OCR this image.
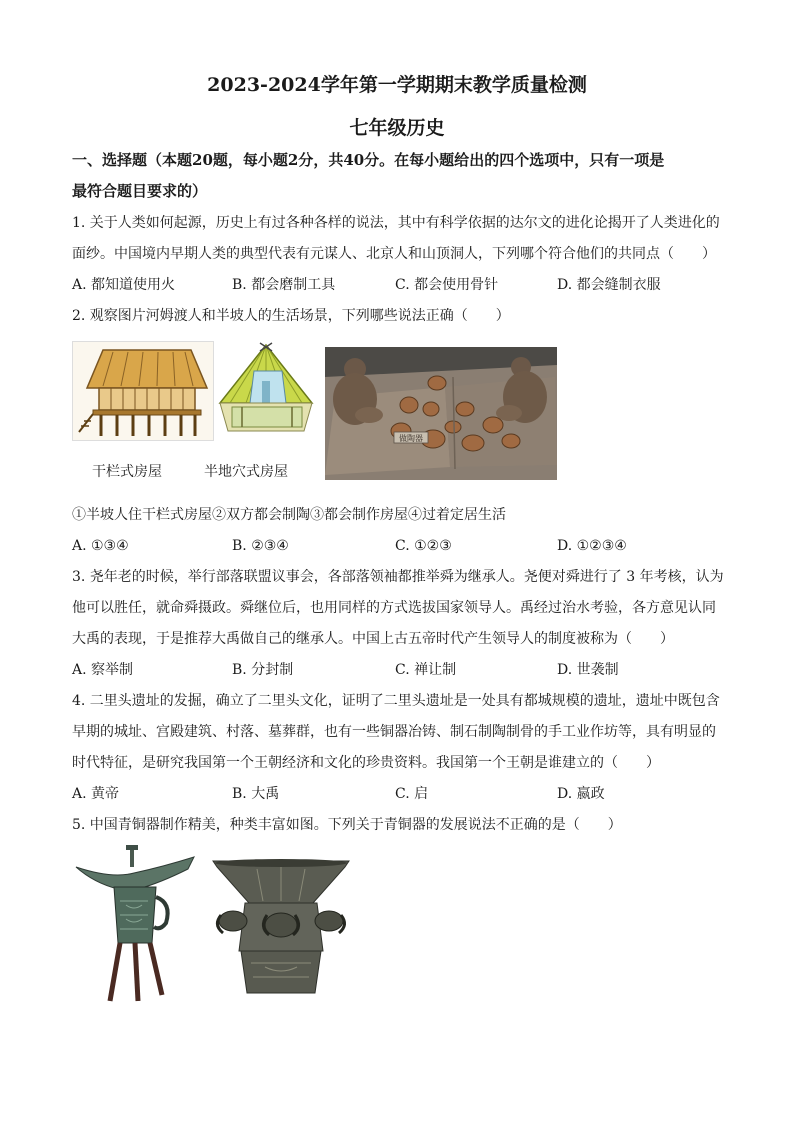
2023-2024学年第一学期期末教学质量检测
七年级历史
一、选择题（本题20题，每小题2分，共40分。在每小题给出的四个选项中，只有一项是
最符合题目要求的）
1. 关于人类如何起源，历史上有过各种各样的说法，其中有科学依据的达尔文的进化论揭开了人类进化的
面纱。中国境内早期人类的典型代表有元谋人、北京人和山顶洞人，下列哪个符合他们的共同点（　　）
A. 都知道使用火	B. 都会磨制工具	C. 都会使用骨针	D. 都会缝制衣服
2. 观察图片河姆渡人和半坡人的生活场景，下列哪些说法正确（　　）
做陶器
干栏式房屋	半地穴式房屋
①半坡人住干栏式房屋②双方都会制陶③都会制作房屋④过着定居生活
A. ①③④	B. ②③④	C. ①②③	D. ①②③④
3. 尧年老的时候，举行部落联盟议事会，各部落领袖都推举舜为继承人。尧便对舜进行了 3 年考核，认为
他可以胜任，就命舜摄政。舜继位后，也用同样的方式选拔国家领导人。禹经过治水考验，各方意见认同
大禹的表现，于是推荐大禹做自己的继承人。中国上古五帝时代产生领导人的制度被称为（　　）
A. 察举制	B. 分封制	C. 禅让制	D. 世袭制
4. 二里头遗址的发掘，确立了二里头文化，证明了二里头遗址是一处具有都城规模的遗址，遗址中既包含
早期的城址、宫殿建筑、村落、墓葬群，也有一些铜器冶铸、制石制陶制骨的手工业作坊等，具有明显的
时代特征，是研究我国第一个王朝经济和文化的珍贵资料。我国第一个王朝是谁建立的（　　）
A. 黄帝	B. 大禹	C. 启	D. 嬴政
5. 中国青铜器制作精美，种类丰富如图。下列关于青铜器的发展说法不正确的是（　　）
